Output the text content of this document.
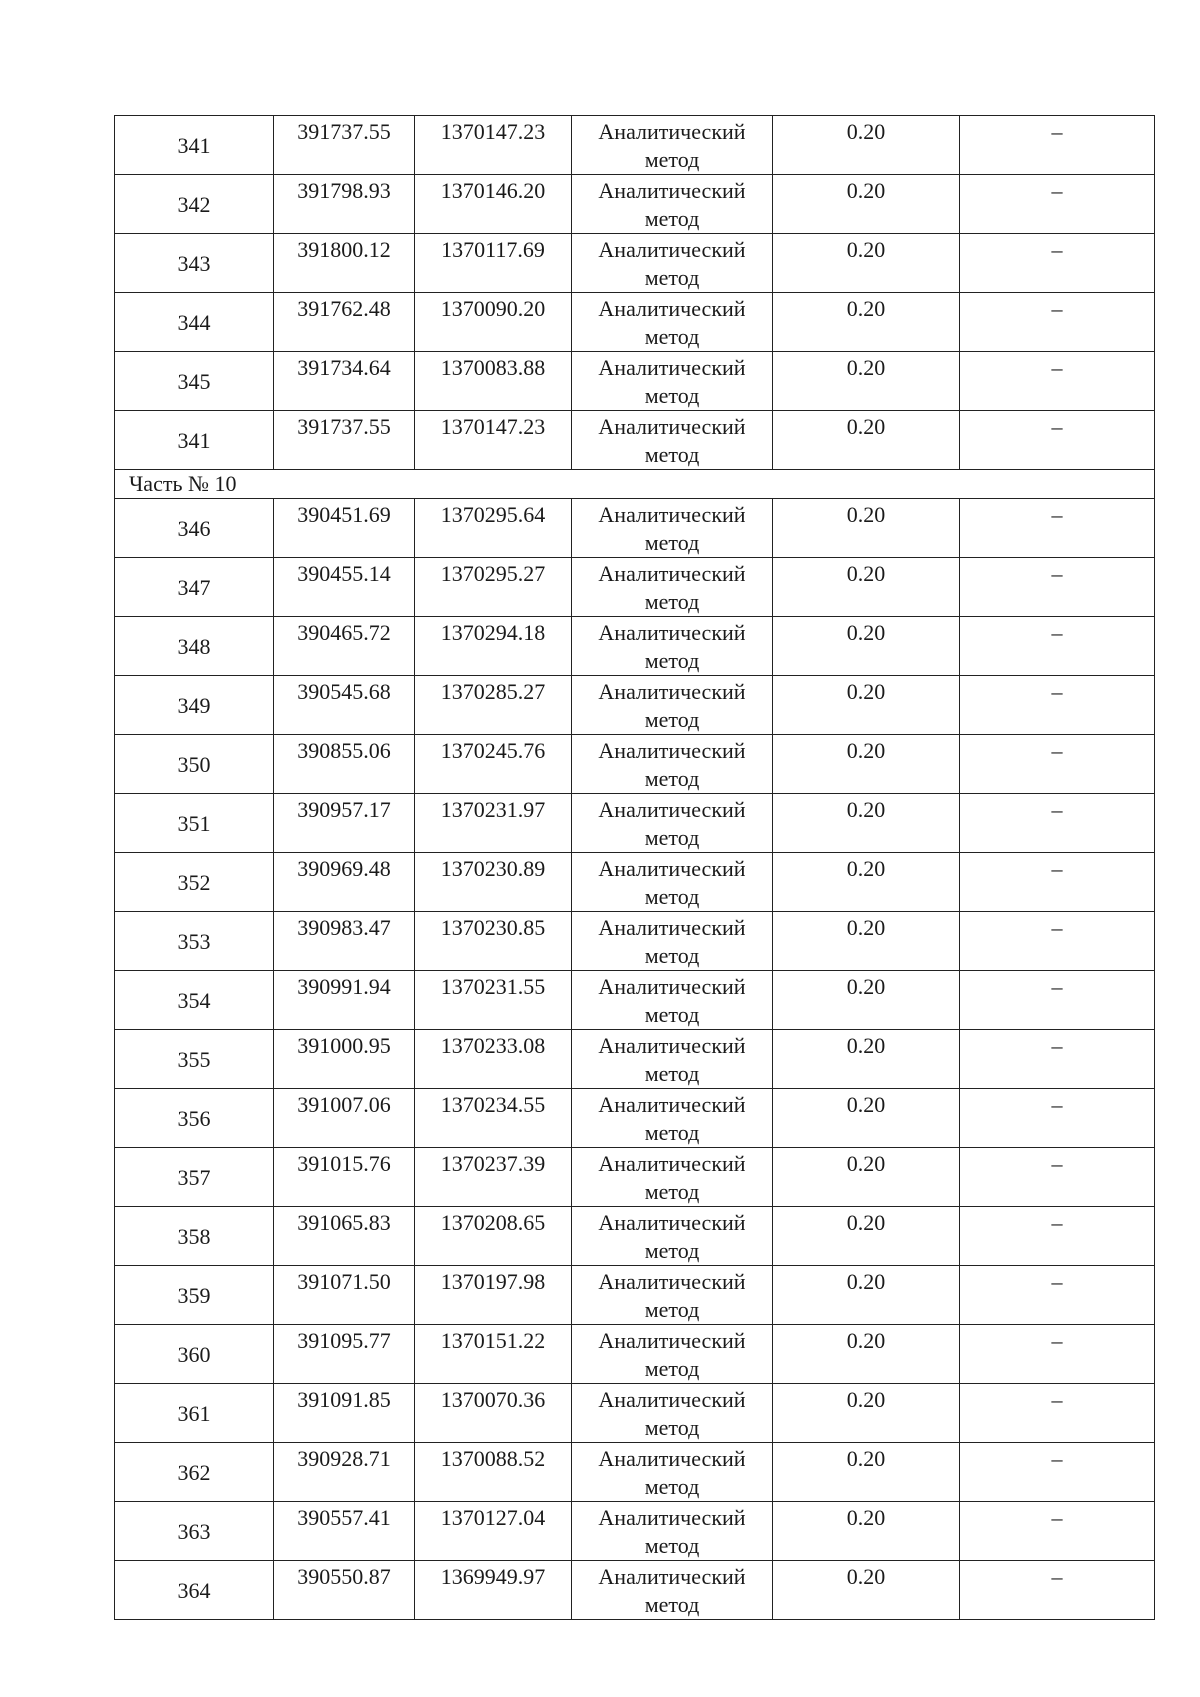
341	391737.55	1370147.23	Аналитический метод	0.20	–
342	391798.93	1370146.20	Аналитический метод	0.20	–
343	391800.12	1370117.69	Аналитический метод	0.20	–
344	391762.48	1370090.20	Аналитический метод	0.20	–
345	391734.64	1370083.88	Аналитический метод	0.20	–
341	391737.55	1370147.23	Аналитический метод	0.20	–
Часть № 10					
346	390451.69	1370295.64	Аналитический метод	0.20	–
347	390455.14	1370295.27	Аналитический метод	0.20	–
348	390465.72	1370294.18	Аналитический метод	0.20	–
349	390545.68	1370285.27	Аналитический метод	0.20	–
350	390855.06	1370245.76	Аналитический метод	0.20	–
351	390957.17	1370231.97	Аналитический метод	0.20	–
352	390969.48	1370230.89	Аналитический метод	0.20	–
353	390983.47	1370230.85	Аналитический метод	0.20	–
354	390991.94	1370231.55	Аналитический метод	0.20	–
355	391000.95	1370233.08	Аналитический метод	0.20	–
356	391007.06	1370234.55	Аналитический метод	0.20	–
357	391015.76	1370237.39	Аналитический метод	0.20	–
358	391065.83	1370208.65	Аналитический метод	0.20	–
359	391071.50	1370197.98	Аналитический метод	0.20	–
360	391095.77	1370151.22	Аналитический метод	0.20	–
361	391091.85	1370070.36	Аналитический метод	0.20	–
362	390928.71	1370088.52	Аналитический метод	0.20	–
363	390557.41	1370127.04	Аналитический метод	0.20	–
364	390550.87	1369949.97	Аналитический метод	0.20	–
